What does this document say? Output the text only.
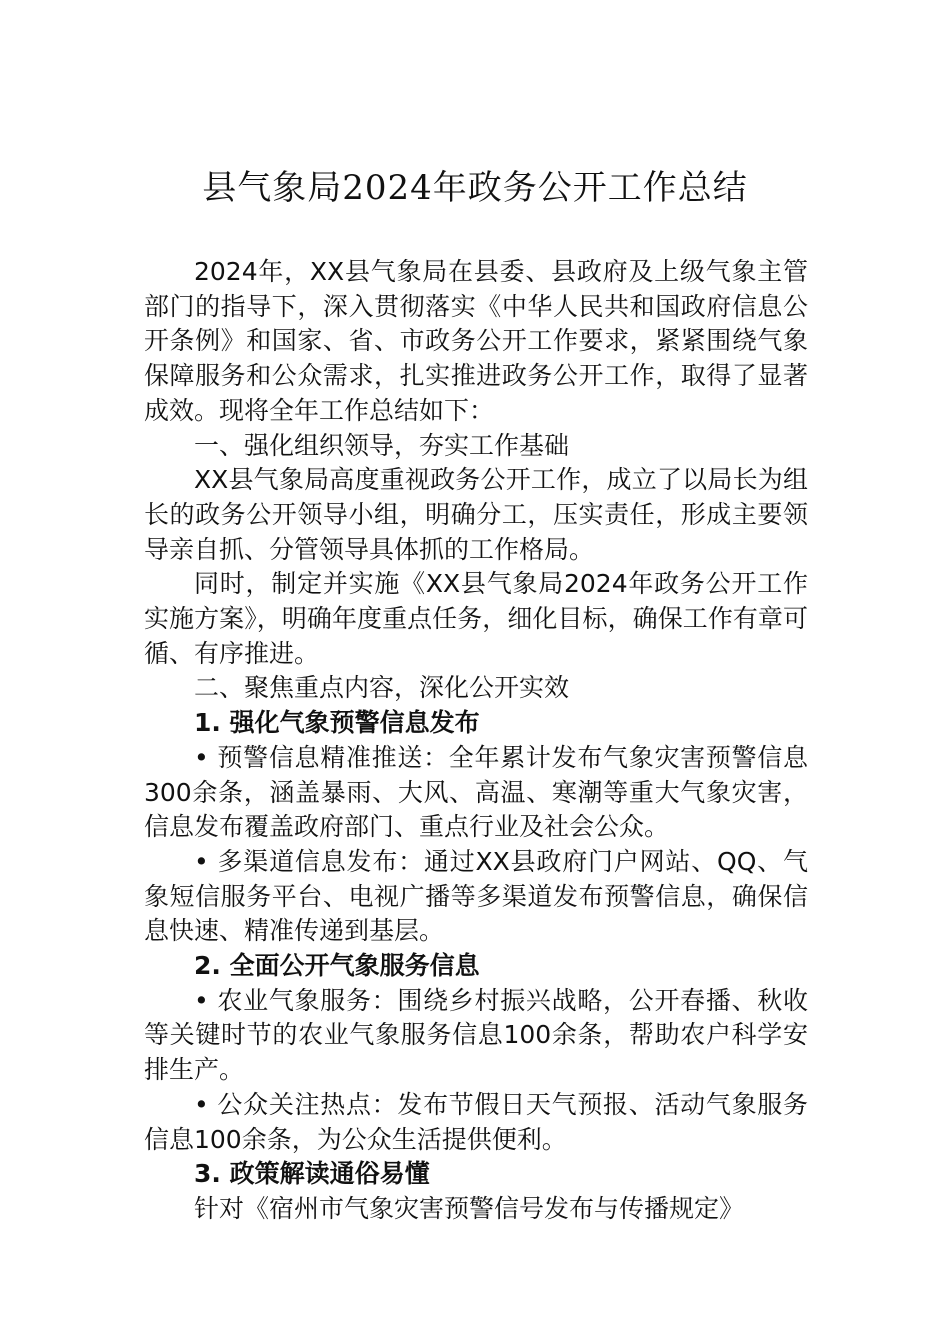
县气象局2024年政务公开工作总结

2024年，XX县气象局在县委、县政府及上级气象主管部门的指导下，深入贯彻落实《中华人民共和国政府信息公开条例》和国家、省、市政务公开工作要求，紧紧围绕气象保障服务和公众需求，扎实推进政务公开工作，取得了显著成效。现将全年工作总结如下：

一、强化组织领导，夯实工作基础

XX县气象局高度重视政务公开工作，成立了以局长为组长的政务公开领导小组，明确分工，压实责任，形成主要领导亲自抓、分管领导具体抓的工作格局。

同时，制定并实施《XX县气象局2024年政务公开工作实施方案》，明确年度重点任务，细化目标，确保工作有章可循、有序推进。

二、聚焦重点内容，深化公开实效

1. 强化气象预警信息发布

• 预警信息精准推送：全年累计发布气象灾害预警信息300余条，涵盖暴雨、大风、高温、寒潮等重大气象灾害，信息发布覆盖政府部门、重点行业及社会公众。

• 多渠道信息发布：通过XX县政府门户网站、QQ、气象短信服务平台、电视广播等多渠道发布预警信息，确保信息快速、精准传递到基层。

2. 全面公开气象服务信息

• 农业气象服务：围绕乡村振兴战略，公开春播、秋收等关键时节的农业气象服务信息100余条，帮助农户科学安排生产。

• 公众关注热点：发布节假日天气预报、活动气象服务信息100余条，为公众生活提供便利。

3. 政策解读通俗易懂

针对《宿州市气象灾害预警信号发布与传播规定》
